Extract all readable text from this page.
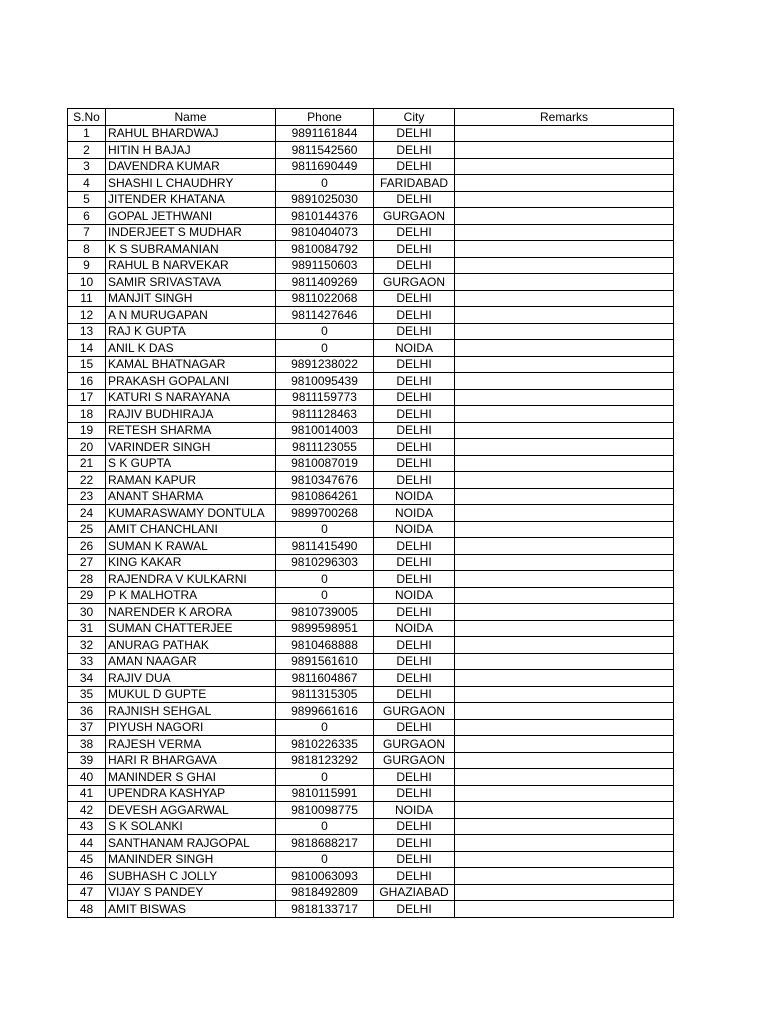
S.No	Name	Phone	City	Remarks
1	RAHUL BHARDWAJ	9891161844	DELHI	
2	HITIN H BAJAJ	9811542560	DELHI	
3	DAVENDRA KUMAR	9811690449	DELHI	
4	SHASHI L CHAUDHRY	0	FARIDABAD	
5	JITENDER KHATANA	9891025030	DELHI	
6	GOPAL JETHWANI	9810144376	GURGAON	
7	INDERJEET S MUDHAR	9810404073	DELHI	
8	K S SUBRAMANIAN	9810084792	DELHI	
9	RAHUL B NARVEKAR	9891150603	DELHI	
10	SAMIR SRIVASTAVA	9811409269	GURGAON	
11	MANJIT SINGH	9811022068	DELHI	
12	A N MURUGAPAN	9811427646	DELHI	
13	RAJ K GUPTA	0	DELHI	
14	ANIL K DAS	0	NOIDA	
15	KAMAL BHATNAGAR	9891238022	DELHI	
16	PRAKASH GOPALANI	9810095439	DELHI	
17	KATURI S NARAYANA	9811159773	DELHI	
18	RAJIV BUDHIRAJA	9811128463	DELHI	
19	RETESH SHARMA	9810014003	DELHI	
20	VARINDER SINGH	9811123055	DELHI	
21	S K GUPTA	9810087019	DELHI	
22	RAMAN KAPUR	9810347676	DELHI	
23	ANANT SHARMA	9810864261	NOIDA	
24	KUMARASWAMY DONTULA	9899700268	NOIDA	
25	AMIT CHANCHLANI	0	NOIDA	
26	SUMAN K RAWAL	9811415490	DELHI	
27	KING KAKAR	9810296303	DELHI	
28	RAJENDRA V KULKARNI	0	DELHI	
29	P K MALHOTRA	0	NOIDA	
30	NARENDER K ARORA	9810739005	DELHI	
31	SUMAN CHATTERJEE	9899598951	NOIDA	
32	ANURAG PATHAK	9810468888	DELHI	
33	AMAN NAAGAR	9891561610	DELHI	
34	RAJIV DUA	9811604867	DELHI	
35	MUKUL D GUPTE	9811315305	DELHI	
36	RAJNISH SEHGAL	9899661616	GURGAON	
37	PIYUSH NAGORI	0	DELHI	
38	RAJESH VERMA	9810226335	GURGAON	
39	HARI R BHARGAVA	9818123292	GURGAON	
40	MANINDER S GHAI	0	DELHI	
41	UPENDRA KASHYAP	9810115991	DELHI	
42	DEVESH AGGARWAL	9810098775	NOIDA	
43	S K SOLANKI	0	DELHI	
44	SANTHANAM RAJGOPAL	9818688217	DELHI	
45	MANINDER SINGH	0	DELHI	
46	SUBHASH C JOLLY	9810063093	DELHI	
47	VIJAY S PANDEY	9818492809	GHAZIABAD	
48	AMIT BISWAS	9818133717	DELHI	
